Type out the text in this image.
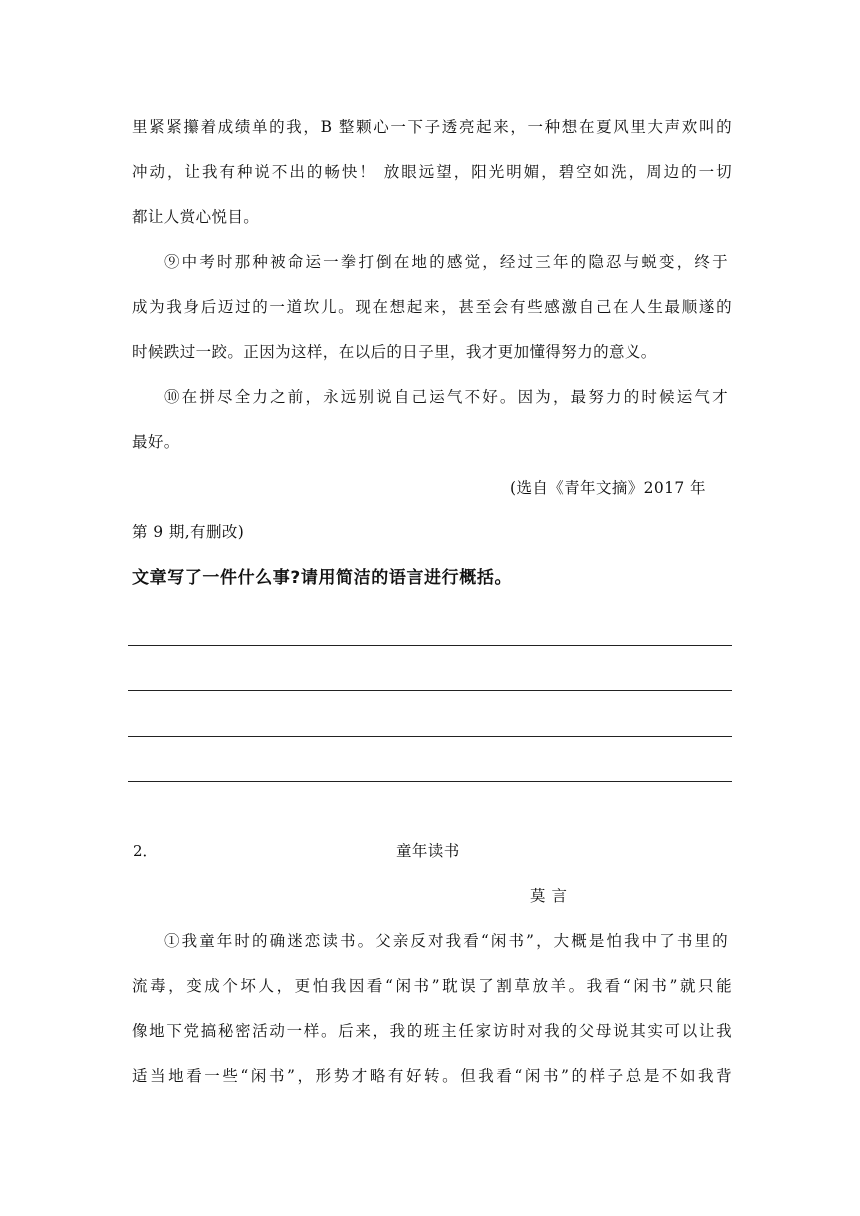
里紧紧攥着成绩单的我，B 整颗心一下子透亮起来，一种想在夏风里大声欢叫的
冲动，让我有种说不出的畅快！ 放眼远望，阳光明媚，碧空如洗，周边的一切
都让人赏心悦目。
⑨中考时那种被命运一拳打倒在地的感觉，经过三年的隐忍与蜕变，终于
成为我身后迈过的一道坎儿。现在想起来，甚至会有些感激自己在人生最顺遂的
时候跌过一跤。正因为这样，在以后的日子里，我才更加懂得努力的意义。
⑩在拼尽全力之前，永远别说自己运气不好。因为，最努力的时候运气才
最好。
(选自《青年文摘》2017 年
第 9 期,有删改)
文章写了一件什么事?请用简洁的语言进行概括。
2．	童年读书
莫言
①我童年时的确迷恋读书。父亲反对我看“闲书”，大概是怕我中了书里的
流毒，变成个坏人，更怕我因看“闲书”耽误了割草放羊。我看“闲书”就只能
像地下党搞秘密活动一样。后来，我的班主任家访时对我的父母说其实可以让我
适当地看一些“闲书”，形势才略有好转。但我看“闲书”的样子总是不如我背
